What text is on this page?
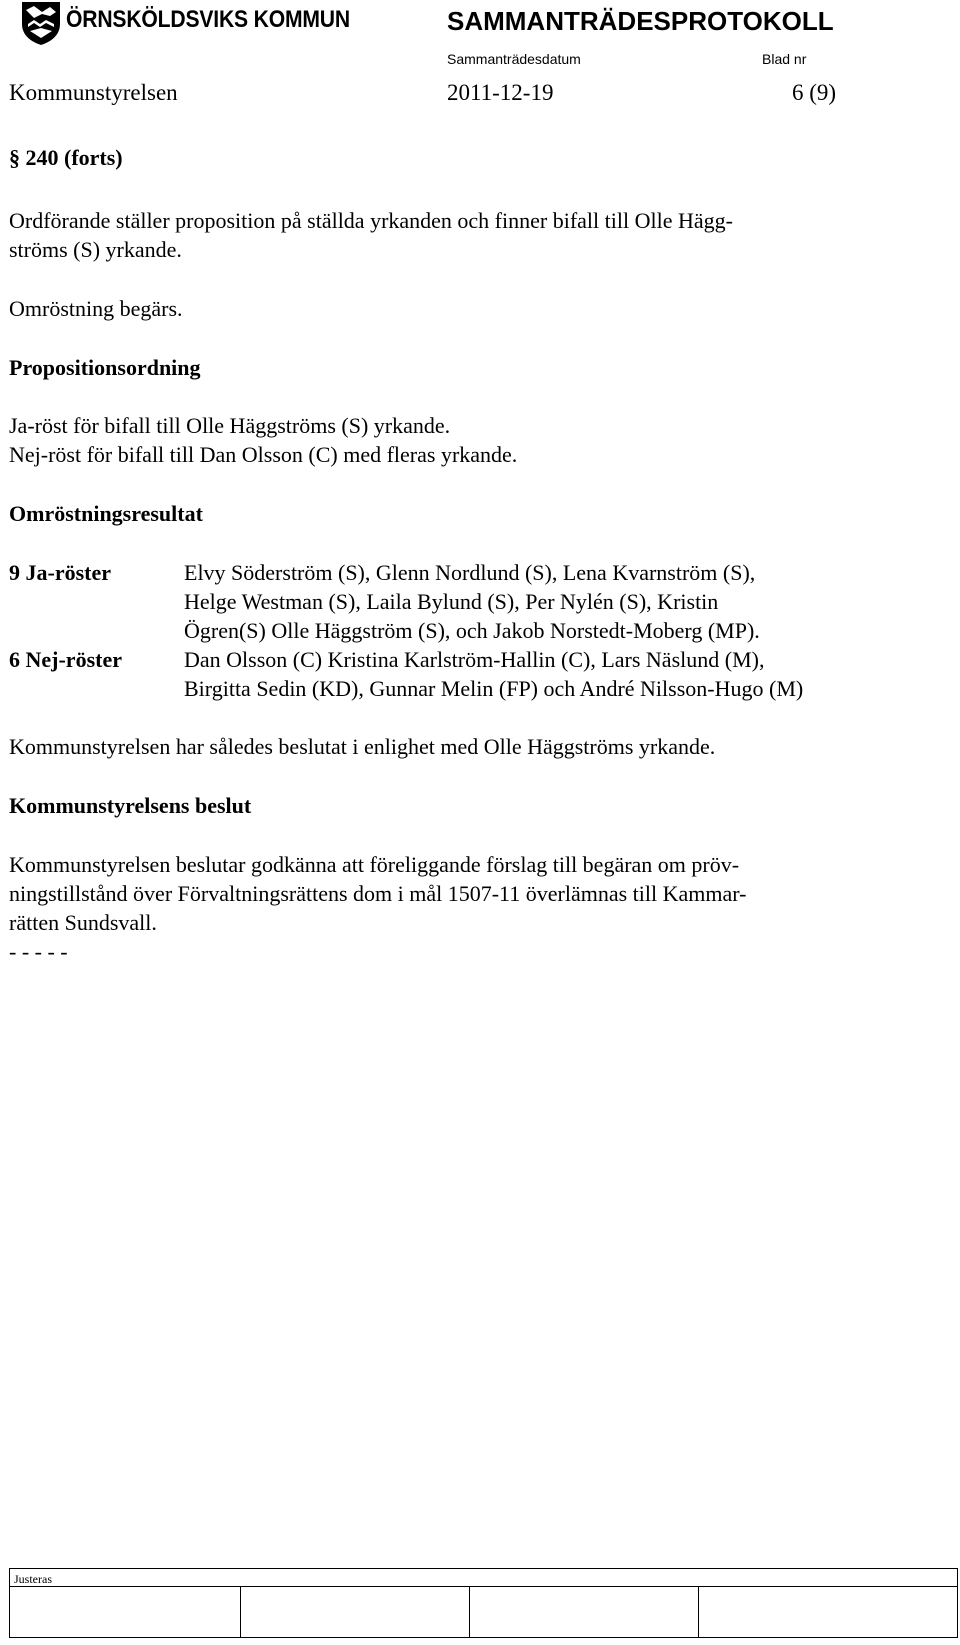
ÖRNSKÖLDSVIKS KOMMUN	SAMMANTRÄDESPROTOKOLL
Sammanträdesdatum	Blad nr
Kommunstyrelsen	2011-12-19	6 (9)
§ 240 (forts)
Ordförande ställer proposition på ställda yrkanden och finner bifall till Olle Hägg-
ströms (S) yrkande.
Omröstning begärs.
Propositionsordning
Ja-röst för bifall till Olle Häggströms (S) yrkande.
Nej-röst för bifall till Dan Olsson (C) med fleras yrkande.
Omröstningsresultat
9 Ja-röster	Elvy Söderström (S), Glenn Nordlund (S), Lena Kvarnström (S),
Helge Westman (S), Laila Bylund (S), Per Nylén (S), Kristin
Ögren(S) Olle Häggström (S), och Jakob Norstedt-Moberg (MP).
6 Nej-röster	Dan Olsson (C) Kristina Karlström-Hallin (C), Lars Näslund (M),
Birgitta Sedin (KD), Gunnar Melin (FP) och André Nilsson-Hugo (M)
Kommunstyrelsen har således beslutat i enlighet med Olle Häggströms yrkande.
Kommunstyrelsens beslut
Kommunstyrelsen beslutar godkänna att föreliggande förslag till begäran om pröv-
ningstillstånd över Förvaltningsrättens dom i mål 1507-11 överlämnas till Kammar-
rätten Sundsvall.
- - - - -

Justeras
